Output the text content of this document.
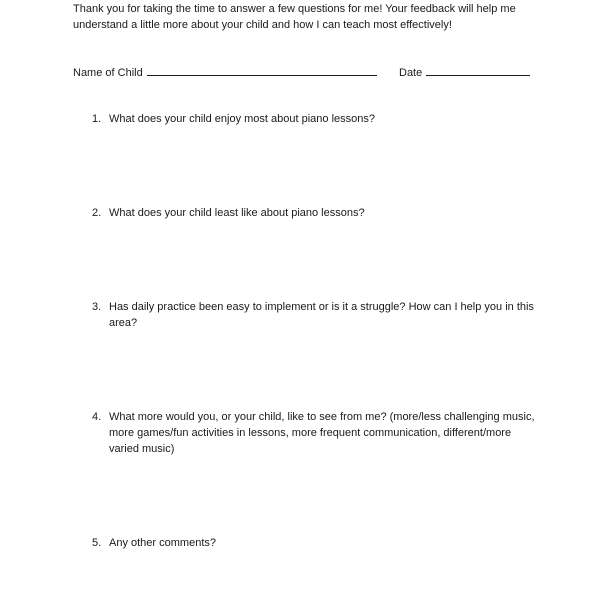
Thank you for taking the time to answer a few questions for me! Your feedback will help me understand a little more about your child and how I can teach most effectively!

Name of Child	Date
1. What does your child enjoy most about piano lessons?
2. What does your child least like about piano lessons?
3. Has daily practice been easy to implement or is it a struggle? How can I help you in this area?
4. What more would you, or your child, like to see from me? (more/less challenging music, more games/fun activities in lessons, more frequent communication, different/more varied music)
5. Any other comments?
